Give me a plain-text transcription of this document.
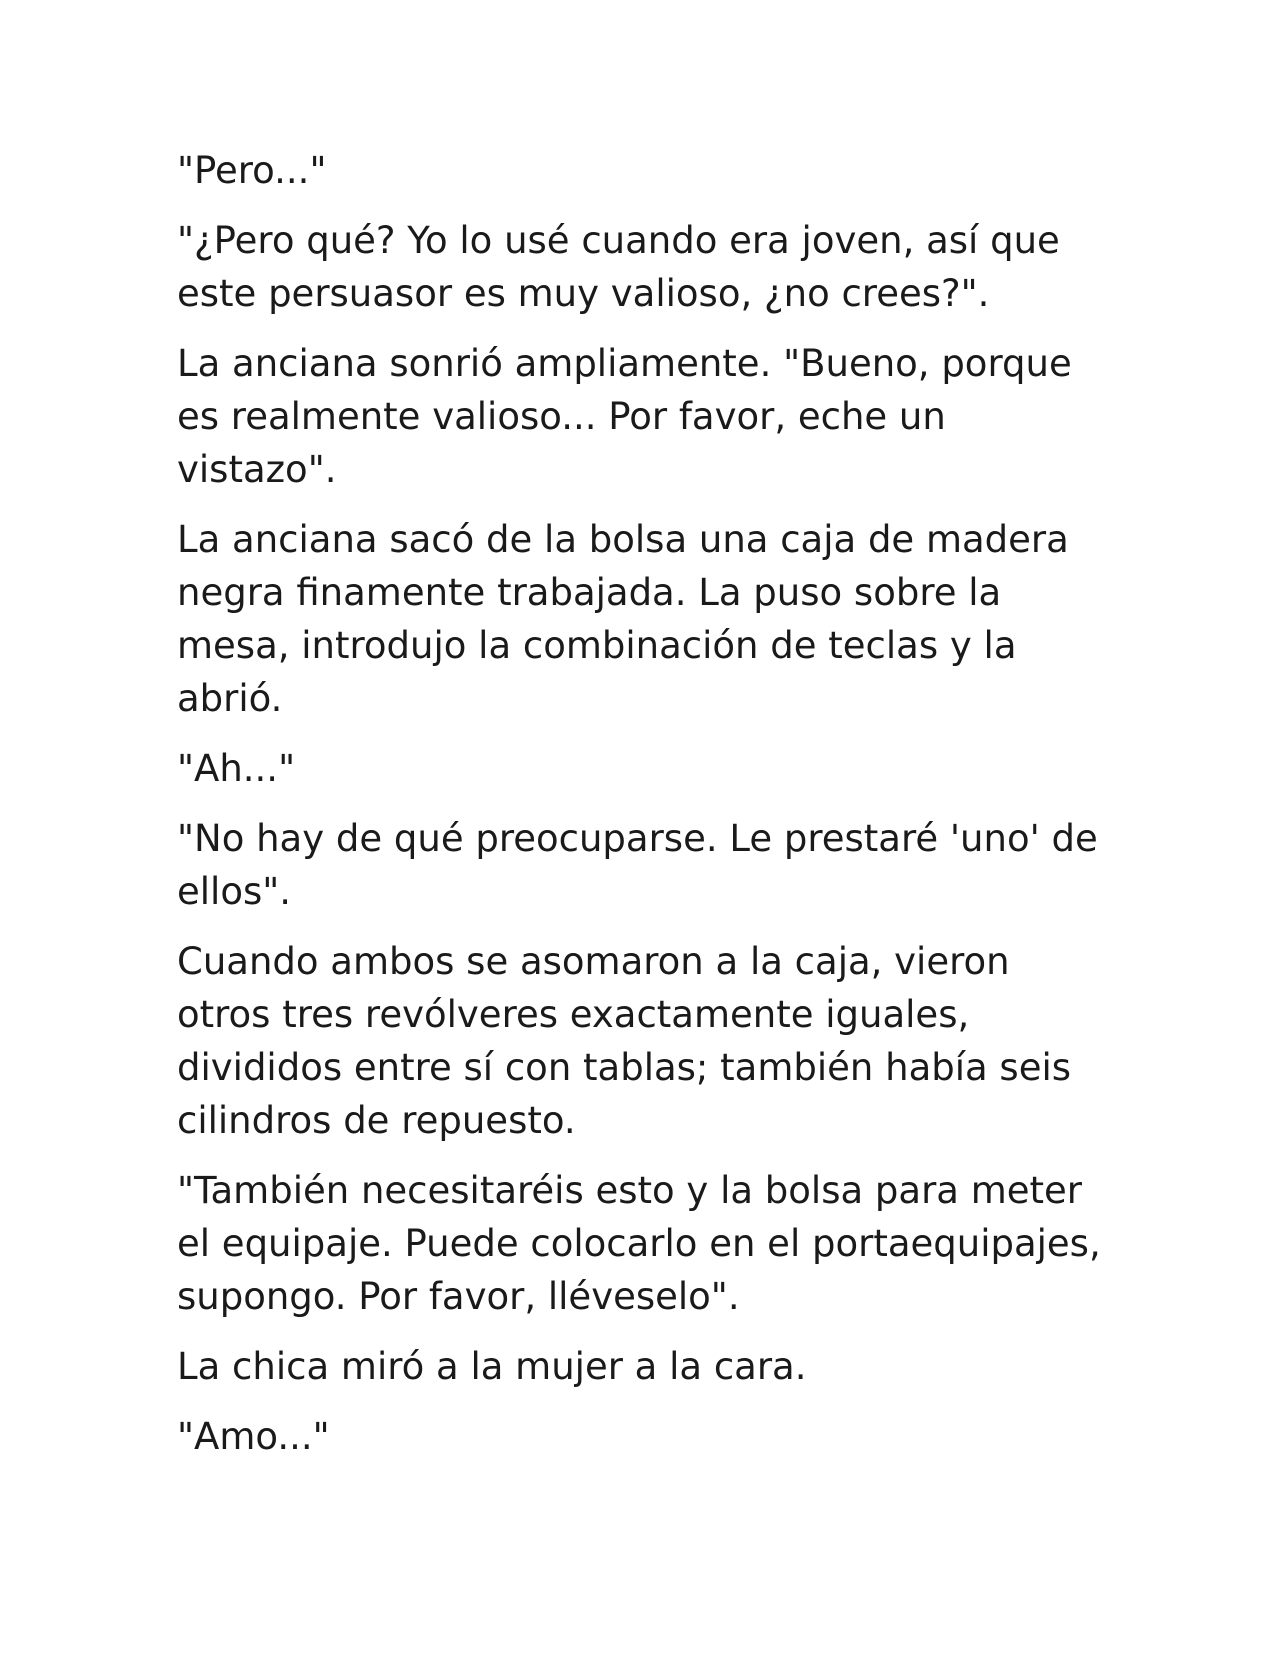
"Pero..."

"¿Pero qué? Yo lo usé cuando era joven, así que este persuasor es muy valioso, ¿no crees?".

La anciana sonrió ampliamente. "Bueno, porque es realmente valioso... Por favor, eche un vistazo".

La anciana sacó de la bolsa una caja de madera negra finamente trabajada. La puso sobre la mesa, introdujo la combinación de teclas y la abrió.

"Ah..."

"No hay de qué preocuparse. Le prestaré 'uno' de ellos".

Cuando ambos se asomaron a la caja, vieron otros tres revólveres exactamente iguales, divididos entre sí con tablas; también había seis cilindros de repuesto.

"También necesitaréis esto y la bolsa para meter el equipaje. Puede colocarlo en el portaequipajes, supongo. Por favor, lléveselo".

La chica miró a la mujer a la cara.

"Amo..."
